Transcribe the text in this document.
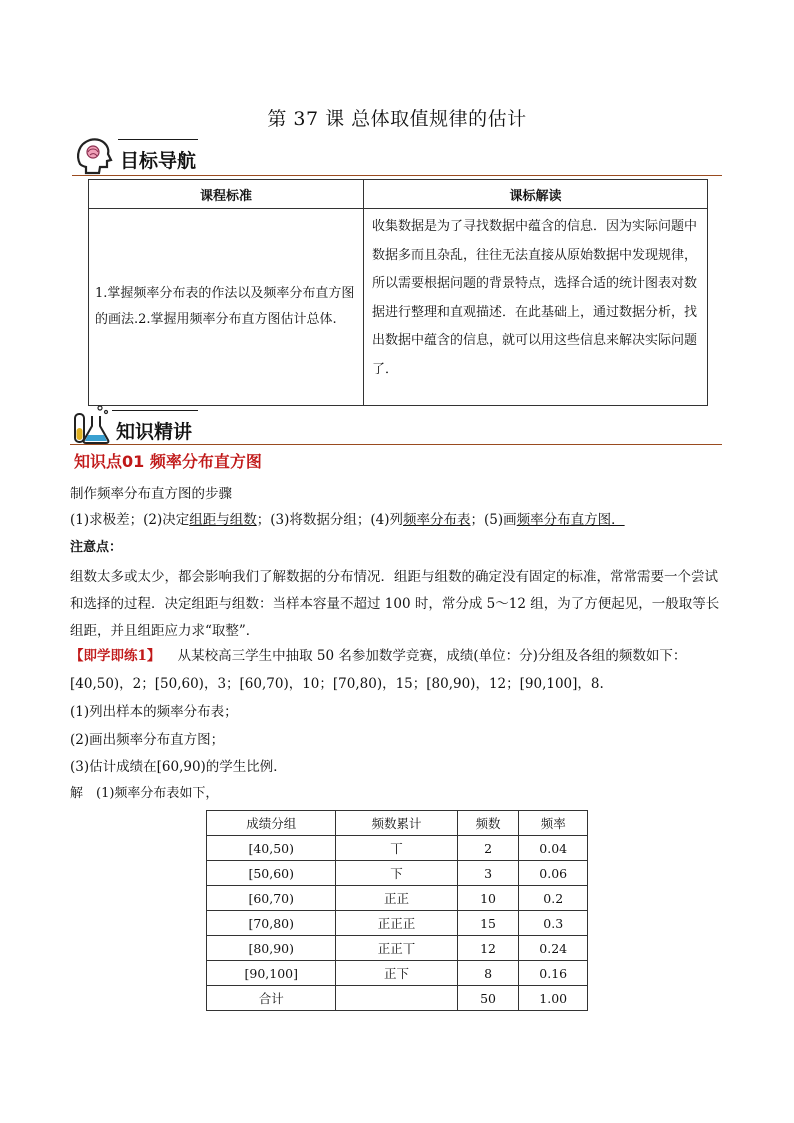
第 37 课 总体取值规律的估计
目标导航
课程标准	课标解读
1.掌握频率分布表的作法以及频率分布直方图的画法.2.掌握用频率分布直方图估计总体.	收集数据是为了寻找数据中蕴含的信息．因为实际问题中数据多而且杂乱，往往无法直接从原始数据中发现规律，所以需要根据问题的背景特点，选择合适的统计图表对数据进行整理和直观描述．在此基础上，通过数据分析，找出数据中蕴含的信息，就可以用这些信息来解决实际问题了．
知识精讲
知识点01 频率分布直方图
制作频率分布直方图的步骤
(1)求极差；(2)决定组距与组数；(3)将数据分组；(4)列频率分布表；(5)画频率分布直方图．
注意点：
组数太多或太少，都会影响我们了解数据的分布情况．组距与组数的确定没有固定的标准，常常需要一个尝试和选择的过程．决定组距与组数：当样本容量不超过 100 时，常分成 5～12 组，为了方便起见，一般取等长组距，并且组距应力求“取整”．
【即学即练1】 从某校高三学生中抽取 50 名参加数学竞赛，成绩(单位：分)分组及各组的频数如下：
[40,50)，2；[50,60)，3；[60,70)，10；[70,80)，15；[80,90)，12；[90,100]，8.
(1)列出样本的频率分布表；
(2)画出频率分布直方图；
(3)估计成绩在[60,90)的学生比例．
解　(1)频率分布表如下，
成绩分组	频数累计	频数	频率
[40,50)	丅	2	0.04
[50,60)	下	3	0.06
[60,70)	正正	10	0.2
[70,80)	正正正	15	0.3
[80,90)	正正丅	12	0.24
[90,100]	正下	8	0.16
合计		50	1.00
